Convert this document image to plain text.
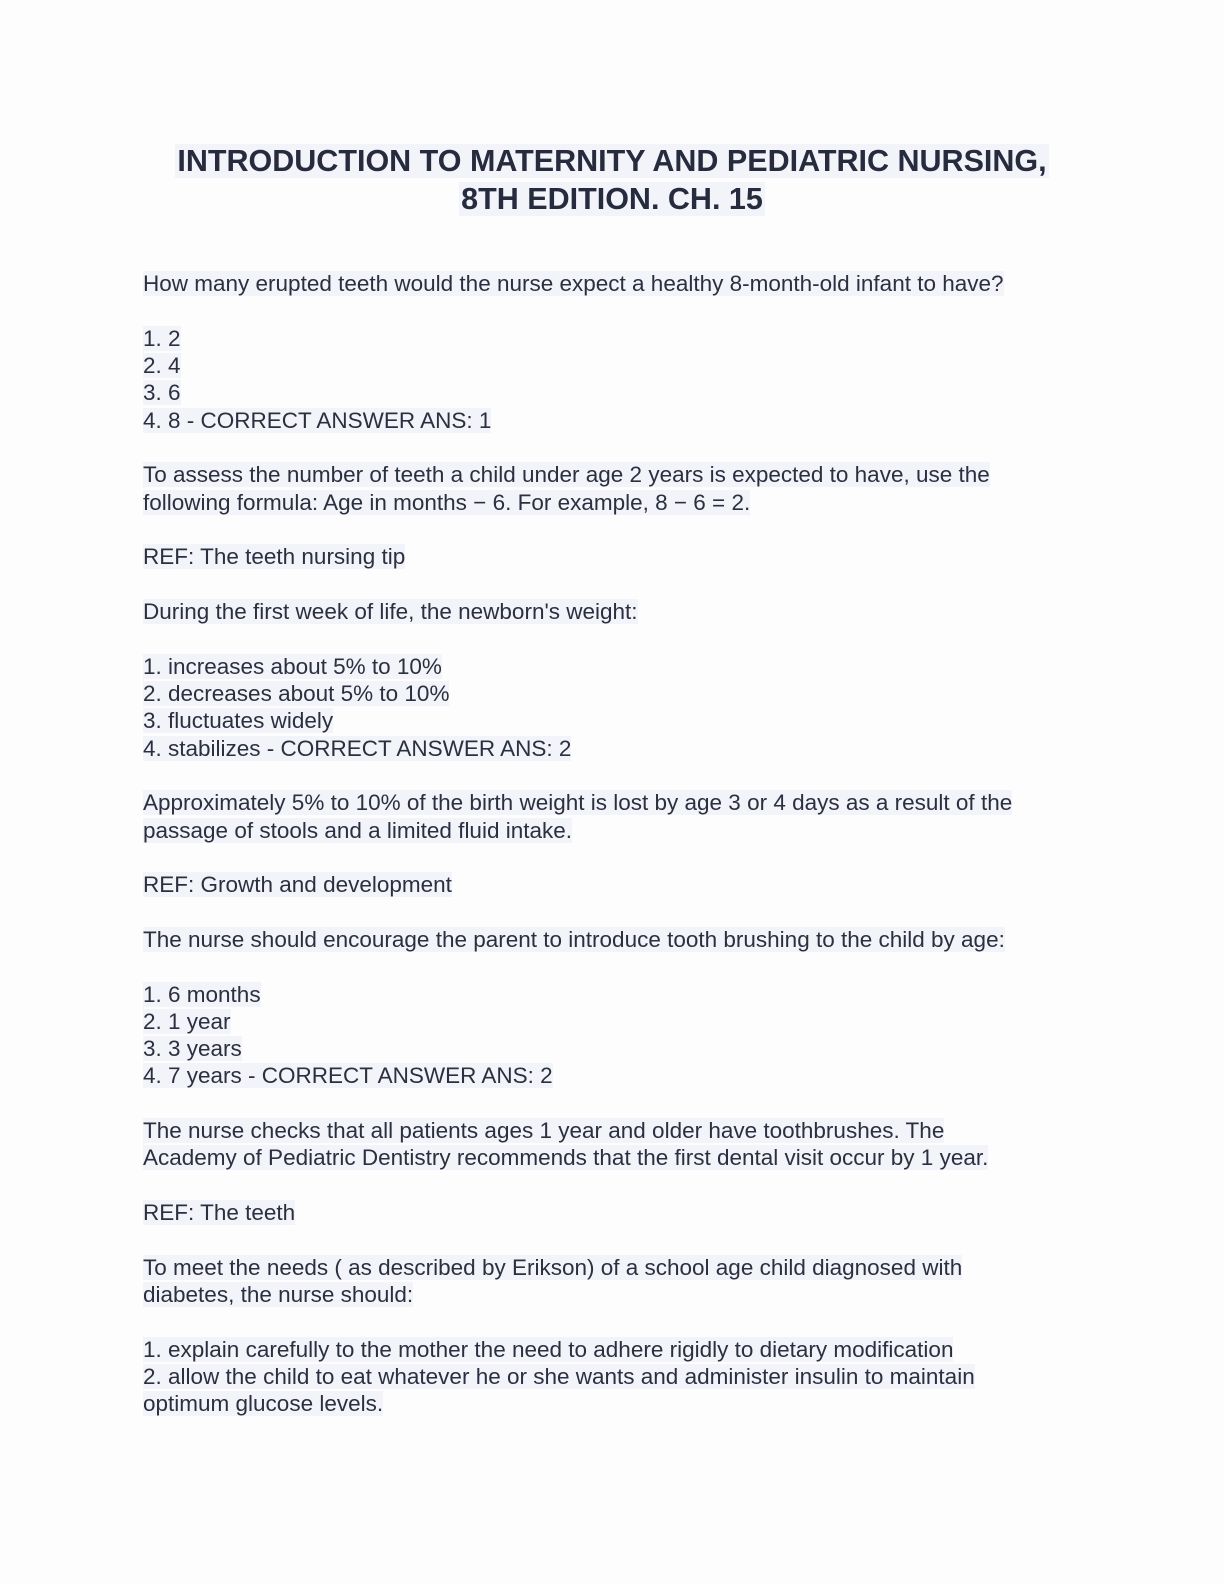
INTRODUCTION TO MATERNITY AND PEDIATRIC NURSING,
8TH EDITION. CH. 15
How many erupted teeth would the nurse expect a healthy 8-month-old infant to have?
1. 2
2. 4
3. 6
4. 8 - CORRECT ANSWER ANS: 1
To assess the number of teeth a child under age 2 years is expected to have, use the
following formula: Age in months − 6. For example, 8 − 6 = 2.
REF: The teeth nursing tip
During the first week of life, the newborn's weight:
1. increases about 5% to 10%
2. decreases about 5% to 10%
3. fluctuates widely
4. stabilizes - CORRECT ANSWER ANS: 2
Approximately 5% to 10% of the birth weight is lost by age 3 or 4 days as a result of the
passage of stools and a limited fluid intake.
REF: Growth and development
The nurse should encourage the parent to introduce tooth brushing to the child by age:
1. 6 months
2. 1 year
3. 3 years
4. 7 years - CORRECT ANSWER ANS: 2
The nurse checks that all patients ages 1 year and older have toothbrushes. The
Academy of Pediatric Dentistry recommends that the first dental visit occur by 1 year.
REF: The teeth
To meet the needs ( as described by Erikson) of a school age child diagnosed with
diabetes, the nurse should:
1. explain carefully to the mother the need to adhere rigidly to dietary modification
2. allow the child to eat whatever he or she wants and administer insulin to maintain
optimum glucose levels.
